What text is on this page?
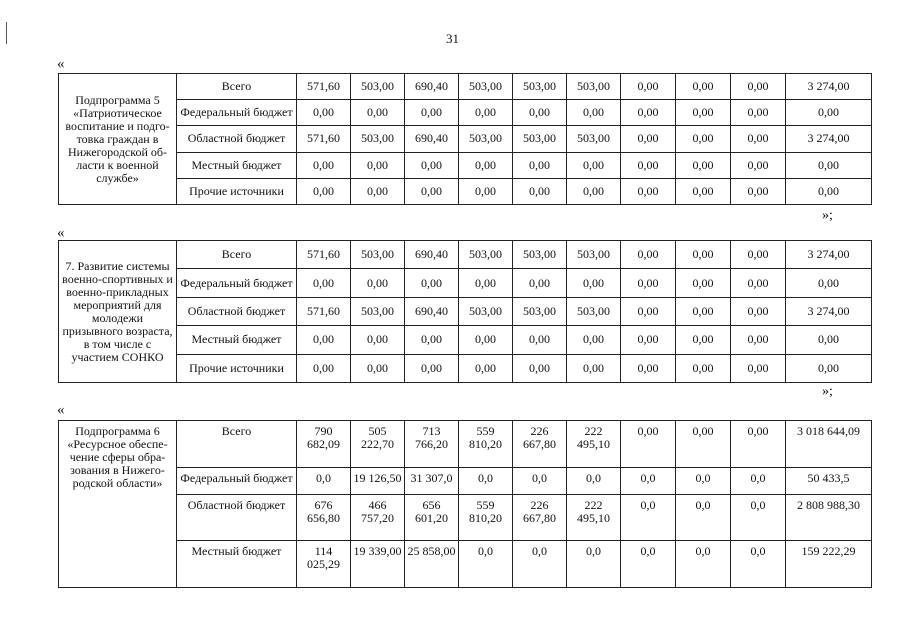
31
«
Подпрограмма 5 «Патриотическое воспитание и подго-товка граждан в Нижегородской об-ласти к военной службе»	Всего	571,60	503,00	690,40	503,00	503,00	503,00	0,00	0,00	0,00	3 274,00
	Федеральный бюджет	0,00	0,00	0,00	0,00	0,00	0,00	0,00	0,00	0,00	0,00
	Областной бюджет	571,60	503,00	690,40	503,00	503,00	503,00	0,00	0,00	0,00	3 274,00
	Местный бюджет	0,00	0,00	0,00	0,00	0,00	0,00	0,00	0,00	0,00	0,00
	Прочие источники	0,00	0,00	0,00	0,00	0,00	0,00	0,00	0,00	0,00	0,00
»;
«
7. Развитие системы военно-спортивных и военно-прикладных мероприятий для молодежи призывного возраста, в том числе с участием СОНКО	Всего	571,60	503,00	690,40	503,00	503,00	503,00	0,00	0,00	0,00	3 274,00
	Федеральный бюджет	0,00	0,00	0,00	0,00	0,00	0,00	0,00	0,00	0,00	0,00
	Областной бюджет	571,60	503,00	690,40	503,00	503,00	503,00	0,00	0,00	0,00	3 274,00
	Местный бюджет	0,00	0,00	0,00	0,00	0,00	0,00	0,00	0,00	0,00	0,00
	Прочие источники	0,00	0,00	0,00	0,00	0,00	0,00	0,00	0,00	0,00	0,00
»;
«
Подпрограмма 6 «Ресурсное обеспе-чение сферы обра-зования в Нижего-родской области»	Всего	790 682,09	505 222,70	713 766,20	559 810,20	226 667,80	222 495,10	0,00	0,00	0,00	3 018 644,09
	Федеральный бюджет	0,0	19 126,50	31 307,0	0,0	0,0	0,0	0,0	0,0	0,0	50 433,5
	Областной бюджет	676 656,80	466 757,20	656 601,20	559 810,20	226 667,80	222 495,10	0,0	0,0	0,0	2 808 988,30
	Местный бюджет	114 025,29	19 339,00	25 858,00	0,0	0,0	0,0	0,0	0,0	0,0	159 222,29
